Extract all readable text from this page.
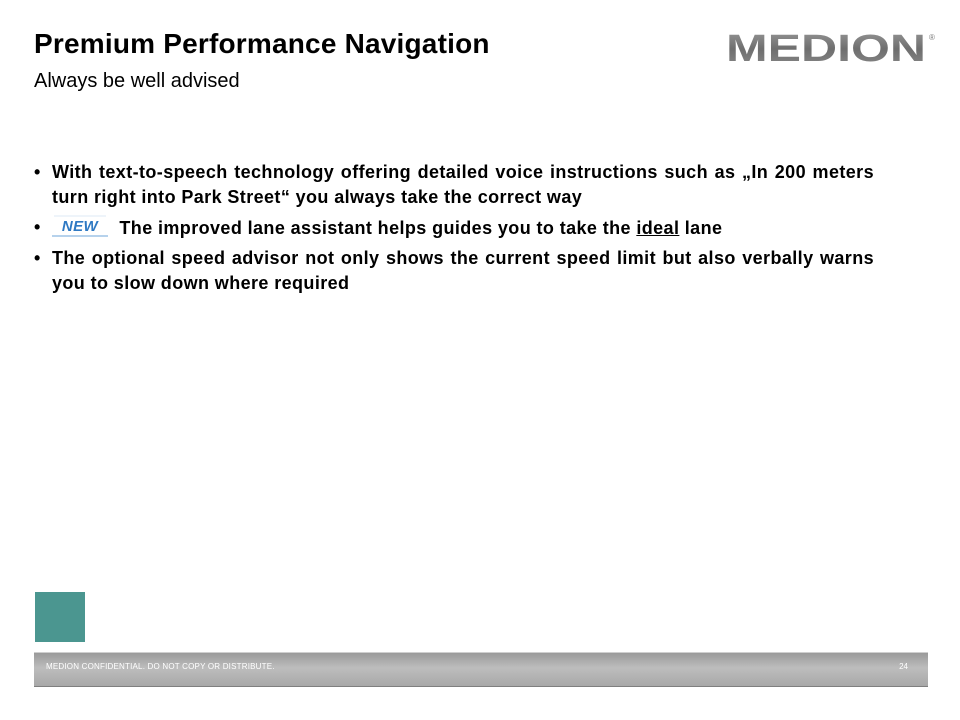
Premium Performance Navigation
Always be well advised
MEDION ®
• With text-to-speech technology offering detailed voice instructions such as „In 200 meters turn right into Park Street“ you always take the correct way
• NEW The improved lane assistant helps guides you to take the ideal lane
• The optional speed advisor not only shows the current speed limit but also verbally warns you to slow down where required
MEDION CONFIDENTIAL. DO NOT COPY OR DISTRIBUTE.	24
